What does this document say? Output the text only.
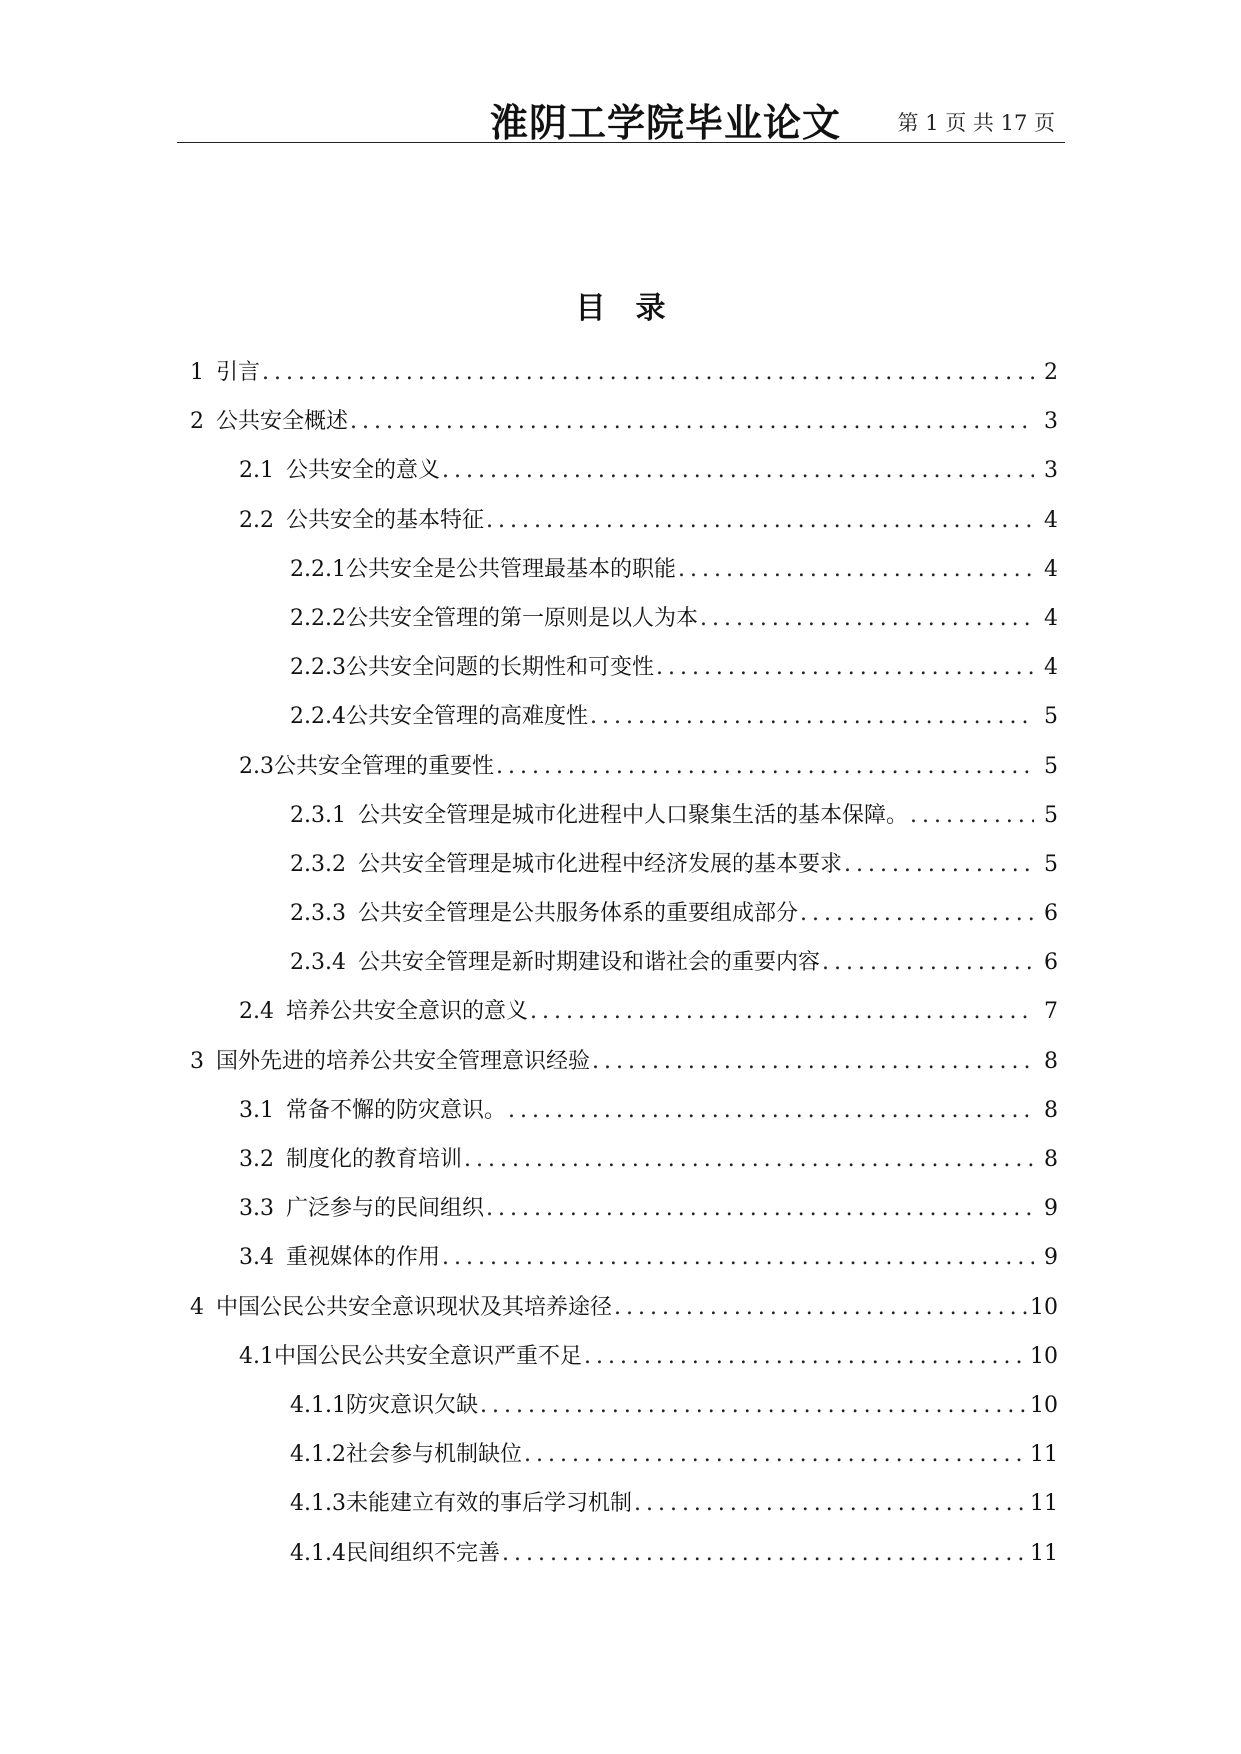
淮阴工学院毕业论文	第 1 页 共 17 页
目录
1 引言 . . .	2
2 公共安全概述 . . .	3
2.1 公共安全的意义 . . .	3
2.2 公共安全的基本特征 . . .	4
2.2.1 公共安全是公共管理最基本的职能 . . .	4
2.2.2 公共安全管理的第一原则是以人为本 . . .	4
2.2.3 公共安全问题的长期性和可变性 . . .	4
2.2.4 公共安全管理的高难度性 . . .	5
2.3 公共安全管理的重要性 . . .	5
2.3.1 公共安全管理是城市化进程中人口聚集生活的基本保障。 . . .	5
2.3.2 公共安全管理是城市化进程中经济发展的基本要求 . . .	5
2.3.3 公共安全管理是公共服务体系的重要组成部分 . . .	6
2.3.4 公共安全管理是新时期建设和谐社会的重要内容 . . .	6
2.4 培养公共安全意识的意义 . . .	7
3 国外先进的培养公共安全管理意识经验 . . .	8
3.1 常备不懈的防灾意识。 . . .	8
3.2 制度化的教育培训 . . .	8
3.3 广泛参与的民间组织 . . .	9
3.4 重视媒体的作用 . . .	9
4 中国公民公共安全意识现状及其培养途径 . . .	10
4.1 中国公民公共安全意识严重不足 . . .	10
4.1.1 防灾意识欠缺 . . .	10
4.1.2 社会参与机制缺位 . . .	11
4.1.3 未能建立有效的事后学习机制 . . .	11
4.1.4 民间组织不完善 . . .	11
